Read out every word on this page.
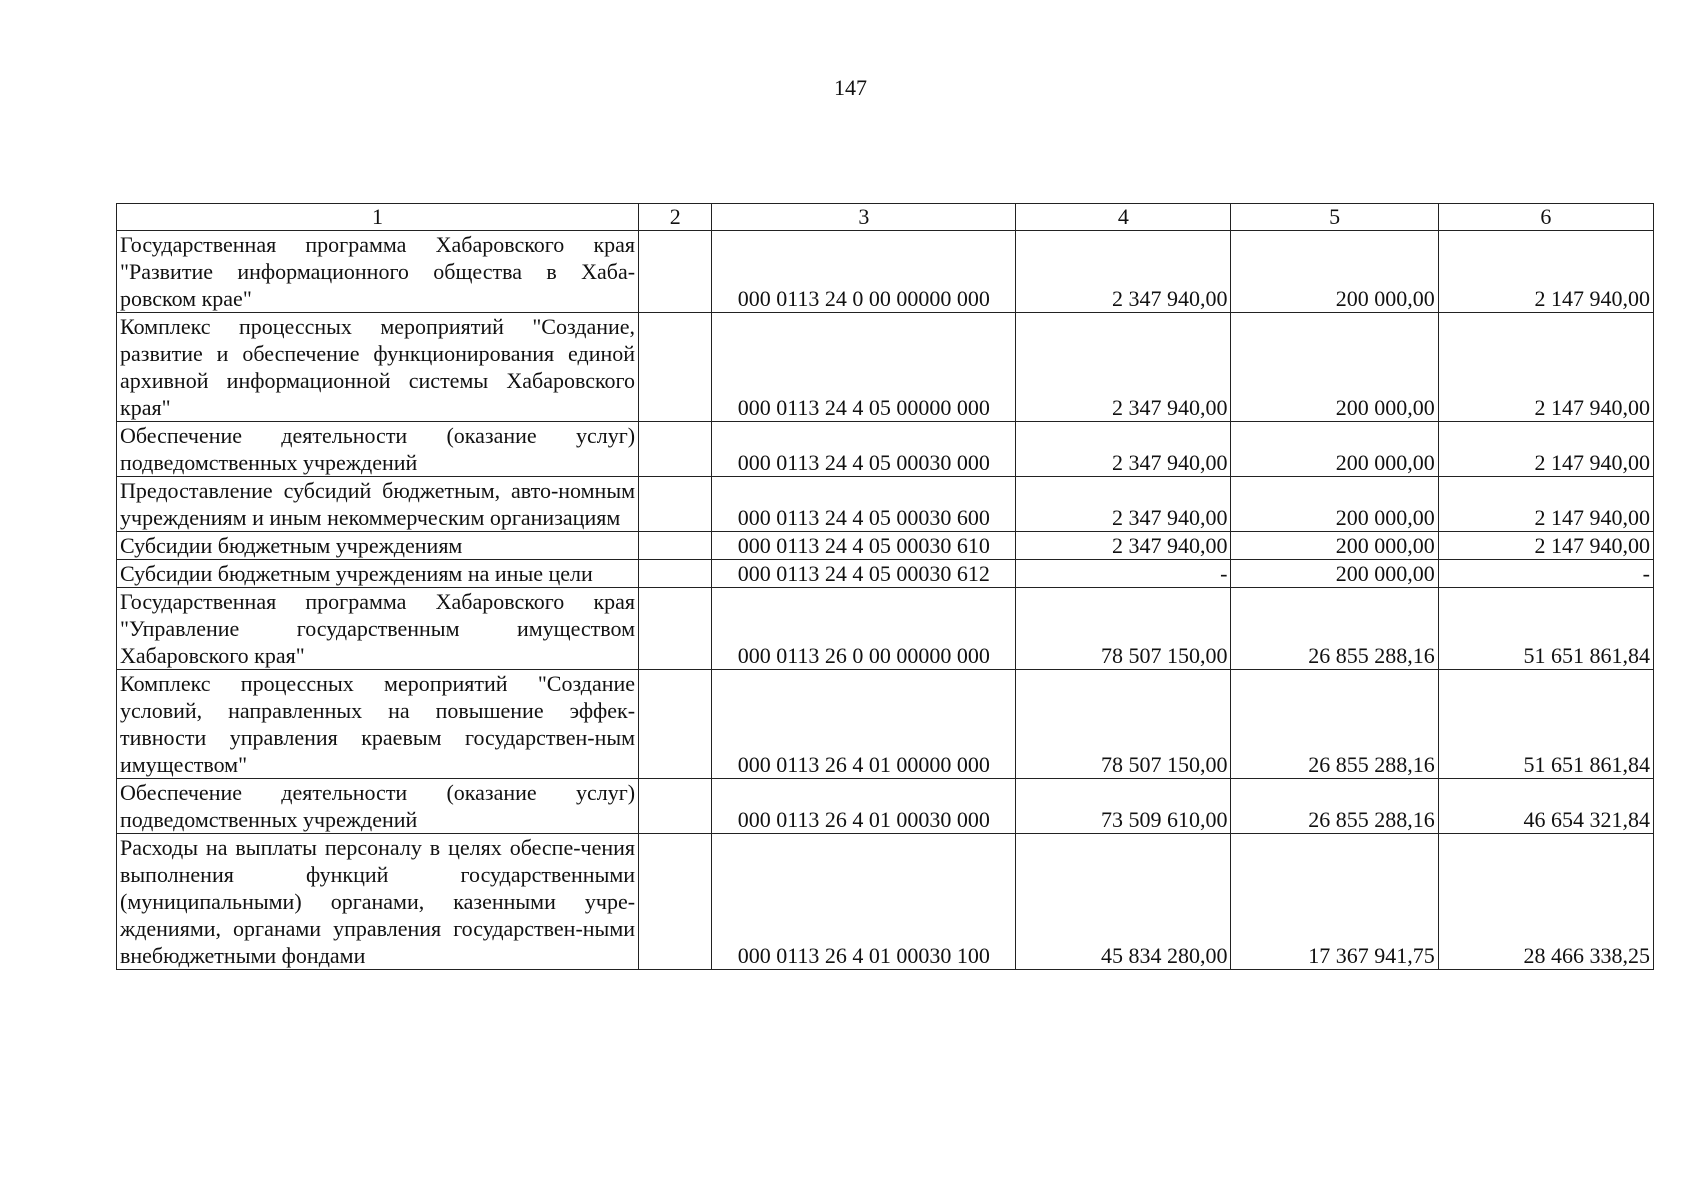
147
1	2	3	4	5	6
Государственная программа Хабаровского края "Развитие информационного общества в Хаба-ровском крае"		000 0113 24 0 00 00000 000	2 347 940,00	200 000,00	2 147 940,00
Комплекс процессных мероприятий "Создание, развитие и обеспечение функционирования единой архивной информационной системы Хабаровского края"		000 0113 24 4 05 00000 000	2 347 940,00	200 000,00	2 147 940,00
Обеспечение деятельности (оказание услуг) подведомственных учреждений		000 0113 24 4 05 00030 000	2 347 940,00	200 000,00	2 147 940,00
Предоставление субсидий бюджетным, авто-номным учреждениям и иным некоммерческим организациям		000 0113 24 4 05 00030 600	2 347 940,00	200 000,00	2 147 940,00
Субсидии бюджетным учреждениям		000 0113 24 4 05 00030 610	2 347 940,00	200 000,00	2 147 940,00
Субсидии бюджетным учреждениям на иные цели		000 0113 24 4 05 00030 612	-	200 000,00	-
Государственная программа Хабаровского края "Управление государственным имуществом Хабаровского края"		000 0113 26 0 00 00000 000	78 507 150,00	26 855 288,16	51 651 861,84
Комплекс процессных мероприятий "Создание условий, направленных на повышение эффек-тивности управления краевым государствен-ным имуществом"		000 0113 26 4 01 00000 000	78 507 150,00	26 855 288,16	51 651 861,84
Обеспечение деятельности (оказание услуг) подведомственных учреждений		000 0113 26 4 01 00030 000	73 509 610,00	26 855 288,16	46 654 321,84
Расходы на выплаты персоналу в целях обеспе-чения выполнения функций государственными (муниципальными) органами, казенными учре-ждениями, органами управления государствен-ными внебюджетными фондами		000 0113 26 4 01 00030 100	45 834 280,00	17 367 941,75	28 466 338,25
